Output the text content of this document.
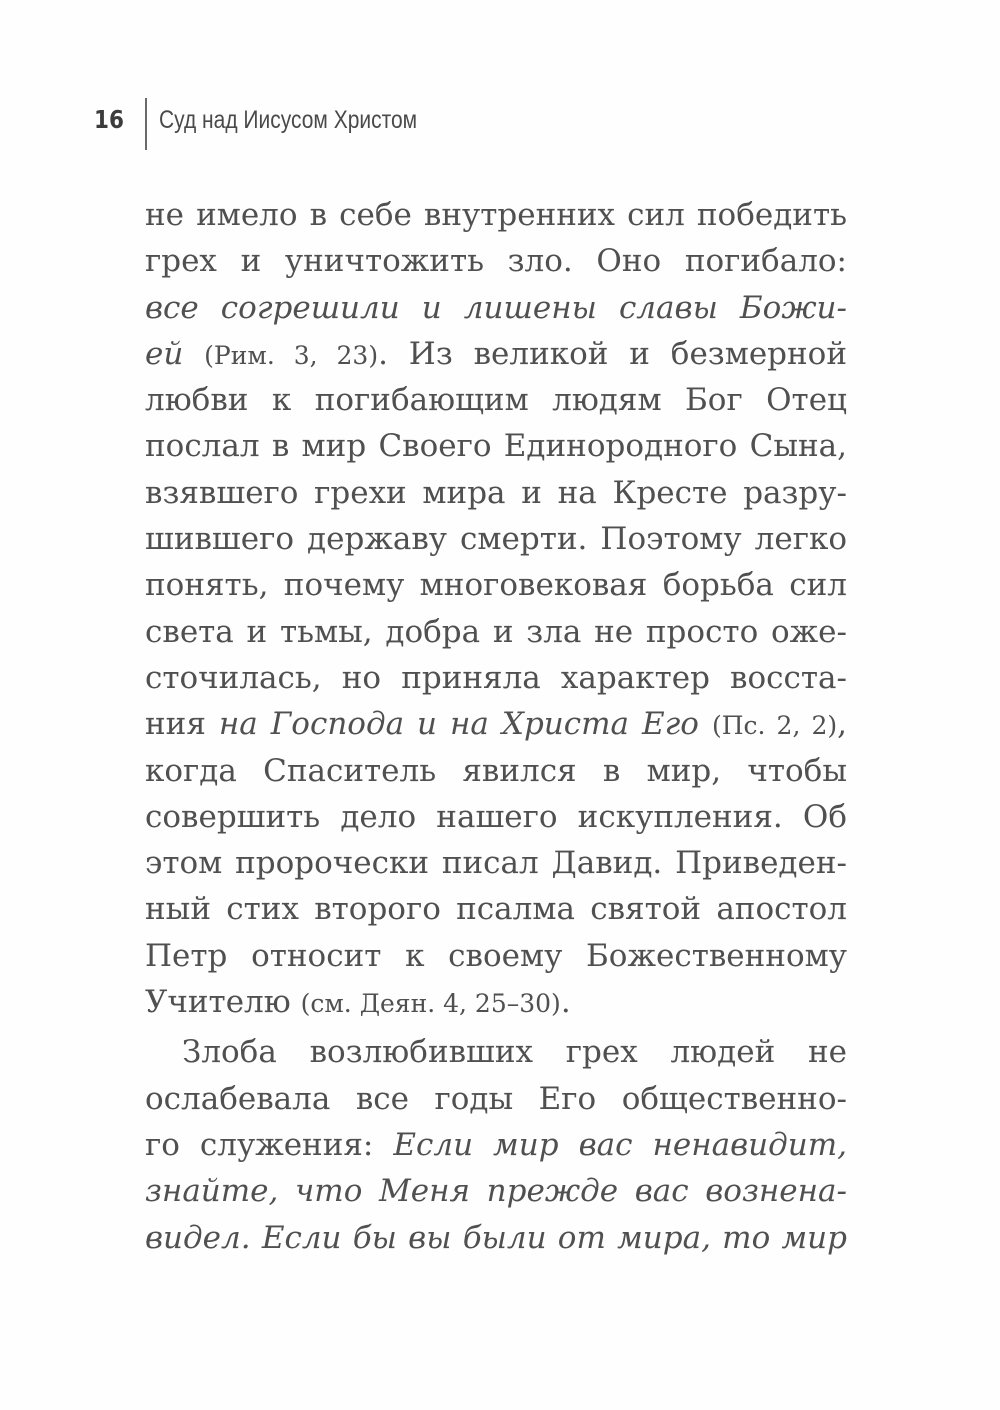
16 Суд над Иисусом Христом
не имело в себе внутренних сил победить
грех и уничтожить зло. Оно погибало:
все согрешили и лишены славы Божи-
ей (Рим. 3, 23). Из великой и безмерной
любви к погибающим людям Бог Отец
послал в мир Своего Единородного Сына,
взявшего грехи мира и на Кресте разру-
шившего державу смерти. Поэтому легко
понять, почему многовековая борьба сил
света и тьмы, добра и зла не просто оже-
сточилась, но приняла характер восста-
ния на Господа и на Христа Его (Пс. 2, 2),
когда Спаситель явился в мир, чтобы
совершить дело нашего искупления. Об
этом пророчески писал Давид. Приведен-
ный стих второго псалма святой апостол
Петр относит к своему Божественному
Учителю (см. Деян. 4, 25–30).
Злоба возлюбивших грех людей не
ослабевала все годы Его общественно-
го служения: Если мир вас ненавидит,
знайте, что Меня прежде вас вознена-
видел. Если бы вы были от мира, то мир
